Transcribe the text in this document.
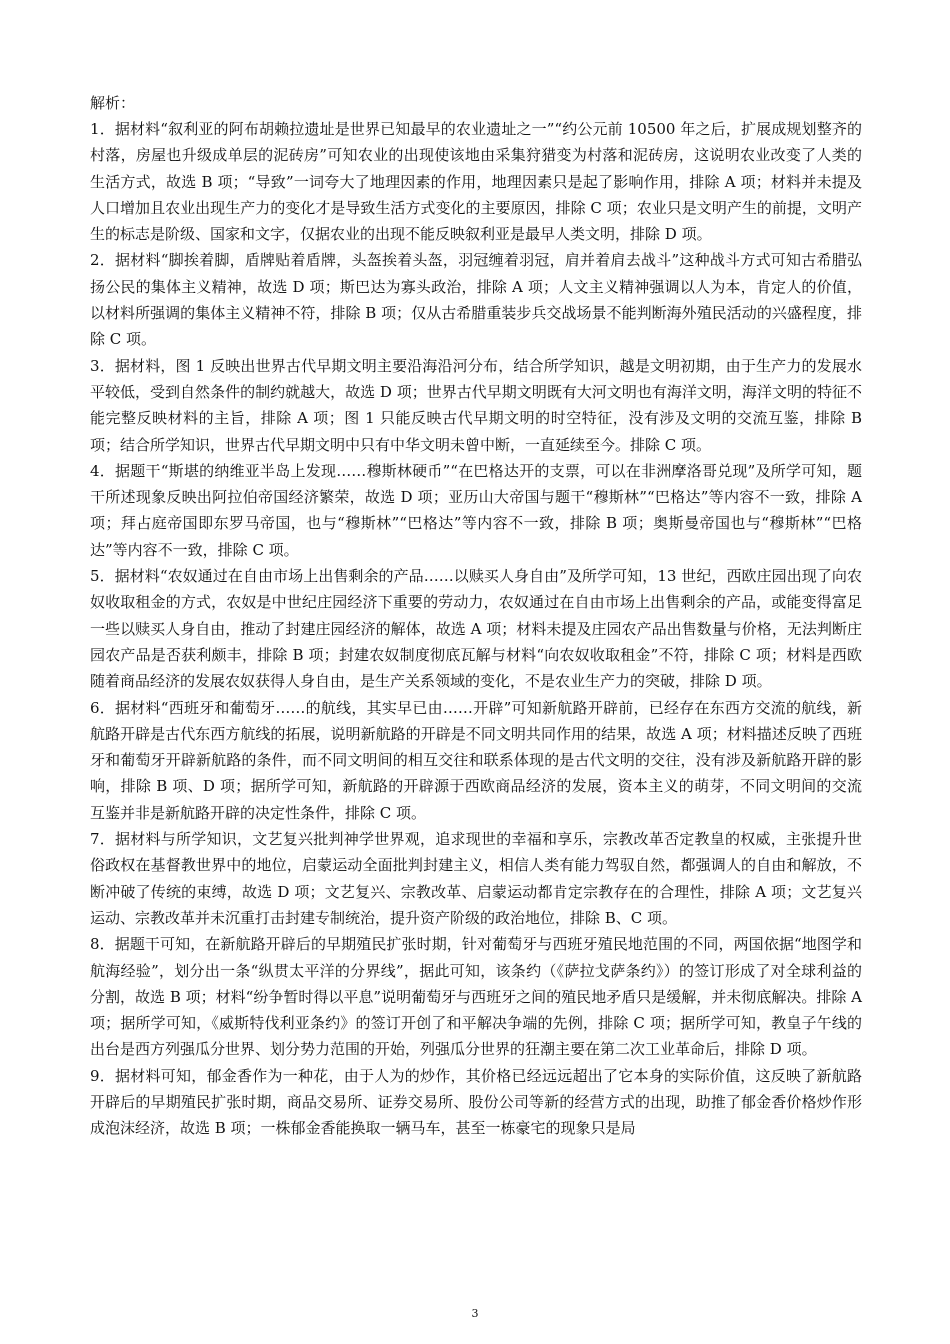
解析：

1．据材料“叙利亚的阿布胡赖拉遗址是世界已知最早的农业遗址之一”“约公元前 10500 年之后，扩展成规划整齐的村落，房屋也升级成单层的泥砖房”可知农业的出现使该地由采集狩猎变为村落和泥砖房，这说明农业改变了人类的生活方式，故选 B 项；“导致”一词夸大了地理因素的作用，地理因素只是起了影响作用，排除 A 项；材料并未提及人口增加且农业出现生产力的变化才是导致生活方式变化的主要原因，排除 C 项；农业只是文明产生的前提，文明产生的标志是阶级、国家和文字，仅据农业的出现不能反映叙利亚是最早人类文明，排除 D 项。

2．据材料“脚挨着脚，盾牌贴着盾牌，头盔挨着头盔，羽冠缠着羽冠，肩并着肩去战斗”这种战斗方式可知古希腊弘扬公民的集体主义精神，故选 D 项；斯巴达为寡头政治，排除 A 项；人文主义精神强调以人为本，肯定人的价值，以材料所强调的集体主义精神不符，排除 B 项；仅从古希腊重装步兵交战场景不能判断海外殖民活动的兴盛程度，排除 C 项。

3．据材料，图 1 反映出世界古代早期文明主要沿海沿河分布，结合所学知识，越是文明初期，由于生产力的发展水平较低，受到自然条件的制约就越大，故选 D 项；世界古代早期文明既有大河文明也有海洋文明，海洋文明的特征不能完整反映材料的主旨，排除 A 项；图 1 只能反映古代早期文明的时空特征，没有涉及文明的交流互鉴，排除 B 项；结合所学知识，世界古代早期文明中只有中华文明未曾中断，一直延续至今。排除 C 项。

4．据题干“斯堪的纳维亚半岛上发现……穆斯林硬币”“在巴格达开的支票，可以在非洲摩洛哥兑现”及所学可知，题干所述现象反映出阿拉伯帝国经济繁荣，故选 D 项；亚历山大帝国与题干“穆斯林”“巴格达”等内容不一致，排除 A 项；拜占庭帝国即东罗马帝国，也与“穆斯林”“巴格达”等内容不一致，排除 B 项；奥斯曼帝国也与“穆斯林”“巴格达”等内容不一致，排除 C 项。

5．据材料“农奴通过在自由市场上出售剩余的产品……以赎买人身自由”及所学可知，13 世纪，西欧庄园出现了向农奴收取租金的方式，农奴是中世纪庄园经济下重要的劳动力，农奴通过在自由市场上出售剩余的产品，或能变得富足一些以赎买人身自由，推动了封建庄园经济的解体，故选 A 项；材料未提及庄园农产品出售数量与价格，无法判断庄园农产品是否获利颇丰，排除 B 项；封建农奴制度彻底瓦解与材料“向农奴收取租金”不符，排除 C 项；材料是西欧随着商品经济的发展农奴获得人身自由，是生产关系领域的变化，不是农业生产力的突破，排除 D 项。

6．据材料“西班牙和葡萄牙……的航线，其实早已由……开辟”可知新航路开辟前，已经存在东西方交流的航线，新航路开辟是古代东西方航线的拓展，说明新航路的开辟是不同文明共同作用的结果，故选 A 项；材料描述反映了西班牙和葡萄牙开辟新航路的条件，而不同文明间的相互交往和联系体现的是古代文明的交往，没有涉及新航路开辟的影响，排除 B 项、D 项；据所学可知，新航路的开辟源于西欧商品经济的发展，资本主义的萌芽，不同文明间的交流互鉴并非是新航路开辟的决定性条件，排除 C 项。

7．据材料与所学知识，文艺复兴批判神学世界观，追求现世的幸福和享乐，宗教改革否定教皇的权威，主张提升世俗政权在基督教世界中的地位，启蒙运动全面批判封建主义，相信人类有能力驾驭自然，都强调人的自由和解放，不断冲破了传统的束缚，故选 D 项；文艺复兴、宗教改革、启蒙运动都肯定宗教存在的合理性，排除 A 项；文艺复兴运动、宗教改革并未沉重打击封建专制统治，提升资产阶级的政治地位，排除 B、C 项。

8．据题干可知，在新航路开辟后的早期殖民扩张时期，针对葡萄牙与西班牙殖民地范围的不同，两国依据“地图学和航海经验”，划分出一条“纵贯太平洋的分界线”，据此可知，该条约（《萨拉戈萨条约》）的签订形成了对全球利益的分割，故选 B 项；材料“纷争暂时得以平息”说明葡萄牙与西班牙之间的殖民地矛盾只是缓解，并未彻底解决。排除 A 项；据所学可知，《威斯特伐利亚条约》的签订开创了和平解决争端的先例，排除 C 项；据所学可知，教皇子午线的出台是西方列强瓜分世界、划分势力范围的开始，列强瓜分世界的狂潮主要在第二次工业革命后，排除 D 项。

9．据材料可知，郁金香作为一种花，由于人为的炒作，其价格已经远远超出了它本身的实际价值，这反映了新航路开辟后的早期殖民扩张时期，商品交易所、证券交易所、股份公司等新的经营方式的出现，助推了郁金香价格炒作形成泡沫经济，故选 B 项；一株郁金香能换取一辆马车，甚至一栋豪宅的现象只是局

3
